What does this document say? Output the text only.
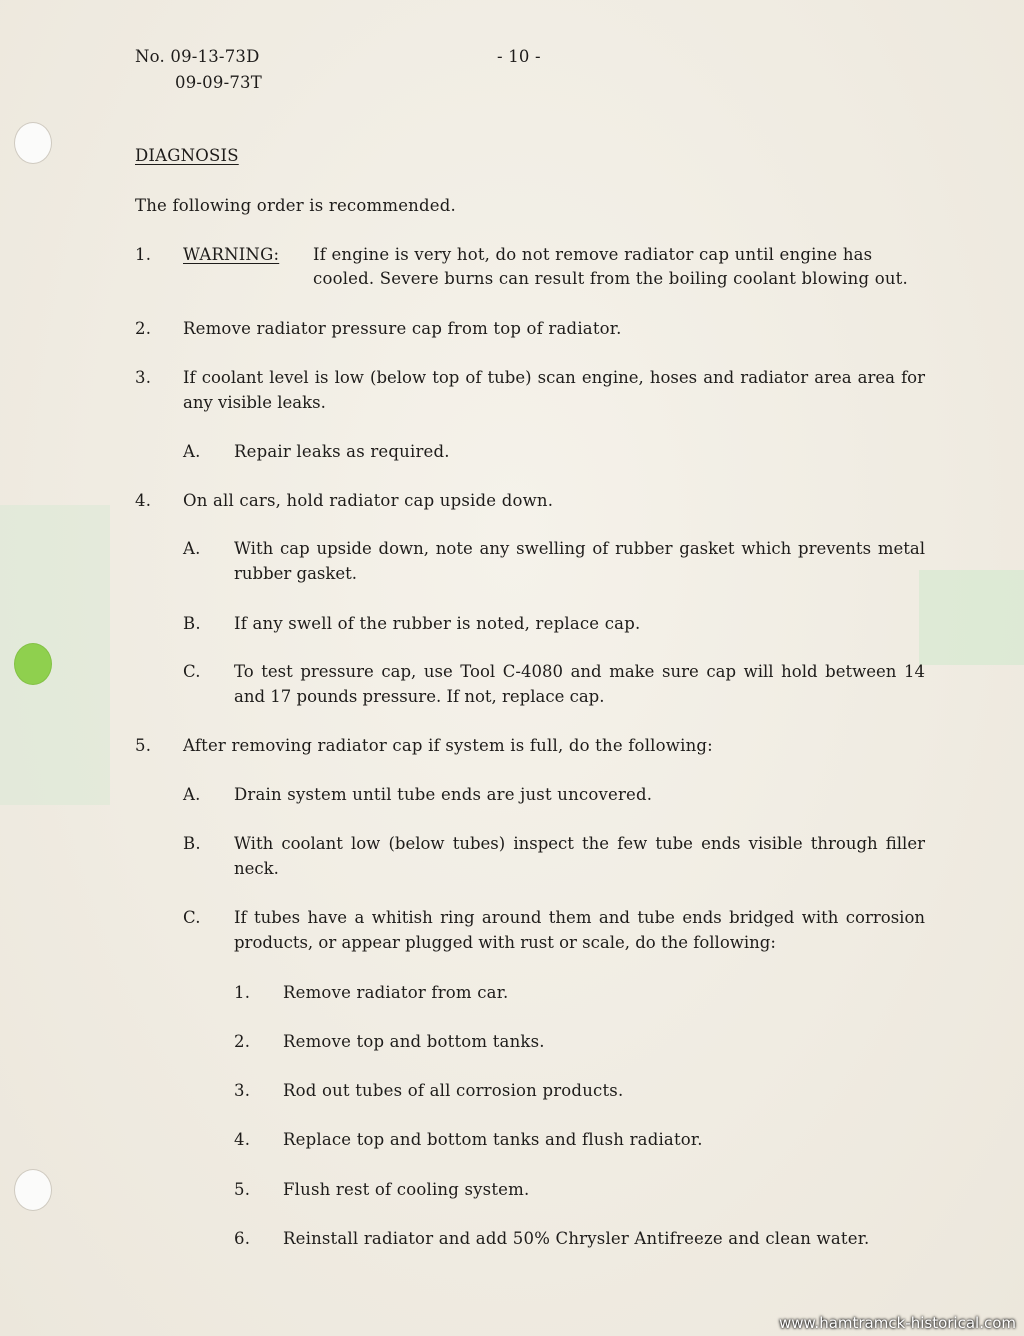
No. 09-13-73D
09-09-73T
- 10 -
DIAGNOSIS
The following order is recommended.
1. WARNING: If engine is very hot, do not remove radiator cap until engine has
cooled. Severe burns can result from the boiling coolant blowing out.
2. Remove radiator pressure cap from top of radiator.
3. If coolant level is low (below top of tube) scan engine, hoses and radiator area area for any visible leaks.
A. Repair leaks as required.
4. On all cars, hold radiator cap upside down.
A. With cap upside down, note any swelling of rubber gasket which prevents metal rubber gasket.
B. If any swell of the rubber is noted, replace cap.
C. To test pressure cap, use Tool C-4080 and make sure cap will hold between 14 and 17 pounds pressure. If not, replace cap.
5. After removing radiator cap if system is full, do the following:
A. Drain system until tube ends are just uncovered.
B. With coolant low (below tubes) inspect the few tube ends visible through filler neck.
C. If tubes have a whitish ring around them and tube ends bridged with corrosion products, or appear plugged with rust or scale, do the following:
1. Remove radiator from car.
2. Remove top and bottom tanks.
3. Rod out tubes of all corrosion products.
4. Replace top and bottom tanks and flush radiator.
5. Flush rest of cooling system.
6. Reinstall radiator and add 50% Chrysler Antifreeze and clean water.
www.hamtramck-historical.com
